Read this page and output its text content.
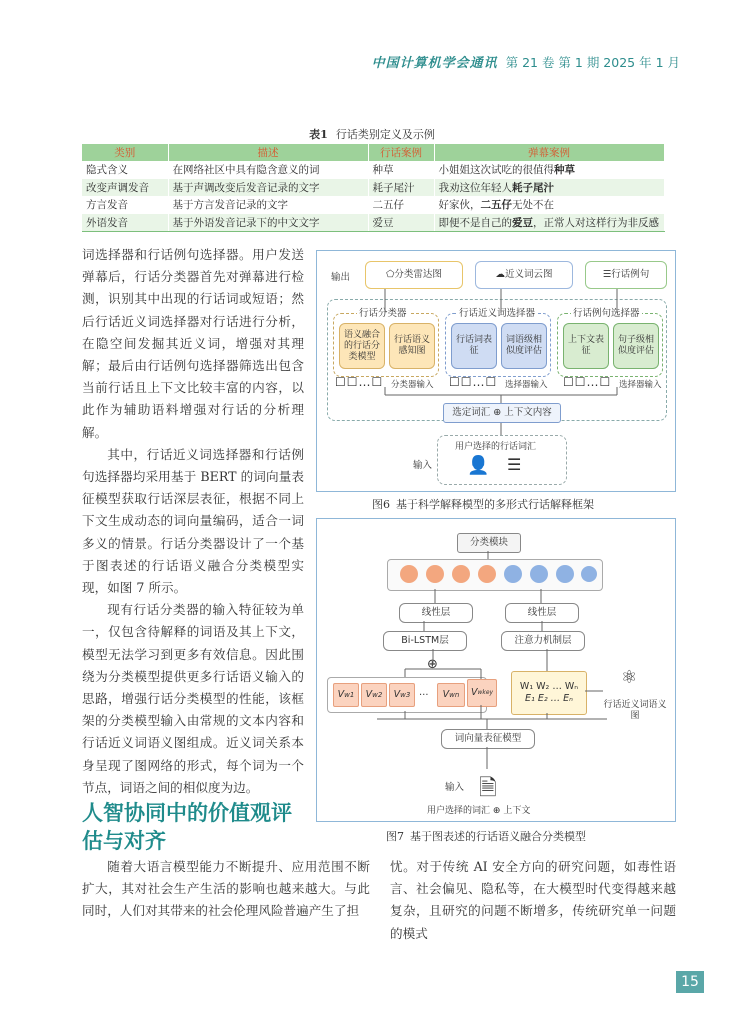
中国计算机学会通讯 第 21 卷 第 1 期 2025 年 1 月
表1 行话类别定义及示例
类别	描述	行话案例	弹幕案例
隐式含义	在网络社区中具有隐含意义的词	种草	小姐姐这次试吃的很值得种草
改变声调发音	基于声调改变后发音记录的文字	耗子尾汁	我劝这位年轻人耗子尾汁
方言发音	基于方言发音记录的文字	二五仔	好家伙，二五仔无处不在
外语发音	基于外语发音记录下的中文文字	爱豆	即便不是自己的爱豆，正常人对这样行为非反感

词选择器和行话例句选择器。用户发送弹幕后，行话分类器首先对弹幕进行检测，识别其中出现的行话词或短语；然后行话近义词选择器对行话进行分析，在隐空间发掘其近义词，增强对其理解；最后由行话例句选择器筛选出包含当前行话且上下文比较丰富的内容，以此作为辅助语料增强对行话的分析理解。

其中，行话近义词选择器和行话例句选择器均采用基于 BERT 的词向量表征模型获取行话深层表征，根据不同上下文生成动态的词向量编码，适合一词多义的情景。行话分类器设计了一个基于图表述的行话语义融合分类模型实现，如图 7 所示。

现有行话分类器的输入特征较为单一，仅包含待解释的词语及其上下文，模型无法学习到更多有效信息。因此围绕为分类模型提供更多行话语义输入的思路，增强行话分类模型的性能，该框架的分类模型输入由常规的文本内容和行话近义词语义图组成。近义词关系本身呈现了图网络的形式，每个词为一个节点，词语之间的相似度为边。

人智协同中的价值观评估与对齐

随着大语言模型能力不断提升、应用范围不断扩大，其对社会生产生活的影响也越来越大。与此同时，人们对其带来的社会伦理风险普遍产生了担

忧。对于传统 AI 安全方向的研究问题，如毒性语言、社会偏见、隐私等，在大模型时代变得越来越复杂，且研究的问题不断增多，传统研究单一问题的模式

输出	⬠ 分类雷达图	☁ 近义词云图	☰ 行话例句
行话分类器
语义融合的行话分类模型
行话语义感知图
行话近义词选择器
行话词表征
词语级相似度评估
行话例句选择器
上下文表征
句子级相似度评估
☐☐…☐ 分类器输入 ☐☐…☐ 选择器输入 ☐☐…☐ 选择器输入
选定词汇
⊕
上下文内容
用户选择的行话词汇
👤 ☰
输入
图6 基于科学解释模型的多形式行话解释框架
分类模块
线性层	线性层
Bi-LSTM层	注意力机制层
⊕
V w1 V w2 V w3 … V wn V wkey
W₁ W₂ … Wₙ
E₁ E₂ … Eₙ
⚛
行话近义词语义图
词向量表征模型
输入 🗎
用户选择的词汇 ⊕ 上下文
图7 基于图表述的行话语义融合分类模型
15
